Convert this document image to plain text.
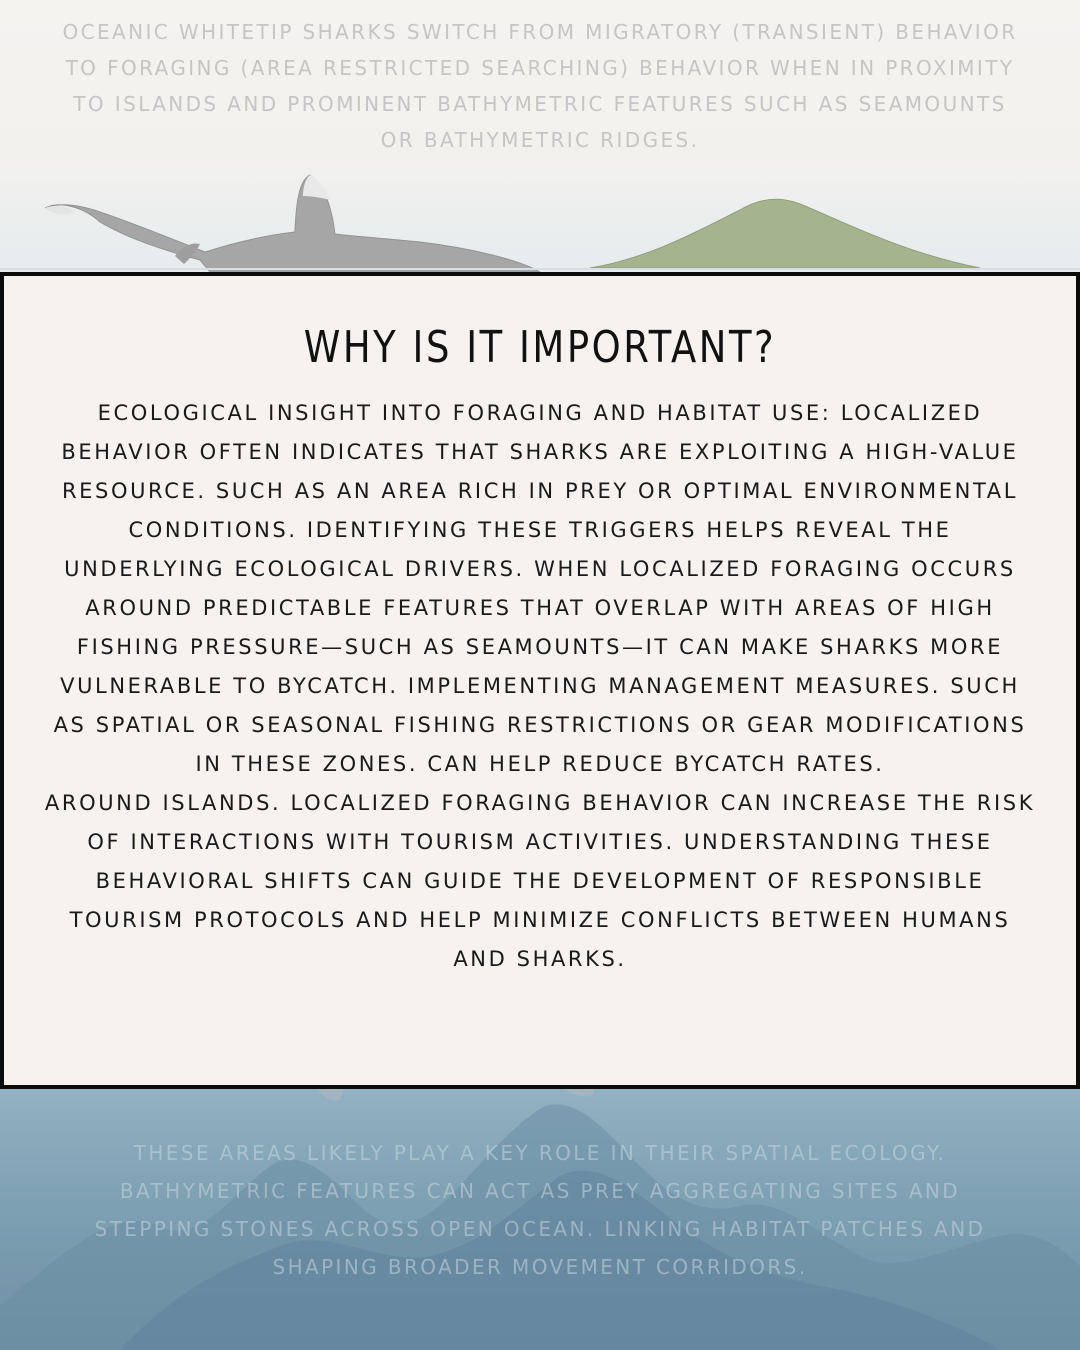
OCEANIC WHITETIP SHARKS SWITCH FROM MIGRATORY (TRANSIENT) BEHAVIOR TO FORAGING (AREA RESTRICTED SEARCHING) BEHAVIOR WHEN IN PROXIMITY TO ISLANDS AND PROMINENT BATHYMETRIC FEATURES SUCH AS SEAMOUNTS OR BATHYMETRIC RIDGES.

THESE AREAS LIKELY PLAY A KEY ROLE IN THEIR SPATIAL ECOLOGY. BATHYMETRIC FEATURES CAN ACT AS PREY AGGREGATING SITES AND STEPPING STONES ACROSS OPEN OCEAN. LINKING HABITAT PATCHES AND SHAPING BROADER MOVEMENT CORRIDORS.

WHY IS IT IMPORTANT?

ECOLOGICAL INSIGHT INTO FORAGING AND HABITAT USE: LOCALIZED BEHAVIOR OFTEN INDICATES THAT SHARKS ARE EXPLOITING A HIGH-VALUE RESOURCE. SUCH AS AN AREA RICH IN PREY OR OPTIMAL ENVIRONMENTAL CONDITIONS. IDENTIFYING THESE TRIGGERS HELPS REVEAL THE UNDERLYING ECOLOGICAL DRIVERS. WHEN LOCALIZED FORAGING OCCURS AROUND PREDICTABLE FEATURES THAT OVERLAP WITH AREAS OF HIGH FISHING PRESSURE—SUCH AS SEAMOUNTS—IT CAN MAKE SHARKS MORE VULNERABLE TO BYCATCH. IMPLEMENTING MANAGEMENT MEASURES. SUCH AS SPATIAL OR SEASONAL FISHING RESTRICTIONS OR GEAR MODIFICATIONS IN THESE ZONES. CAN HELP REDUCE BYCATCH RATES.

AROUND ISLANDS. LOCALIZED FORAGING BEHAVIOR CAN INCREASE THE RISK OF INTERACTIONS WITH TOURISM ACTIVITIES. UNDERSTANDING THESE BEHAVIORAL SHIFTS CAN GUIDE THE DEVELOPMENT OF RESPONSIBLE TOURISM PROTOCOLS AND HELP MINIMIZE CONFLICTS BETWEEN HUMANS AND SHARKS.
